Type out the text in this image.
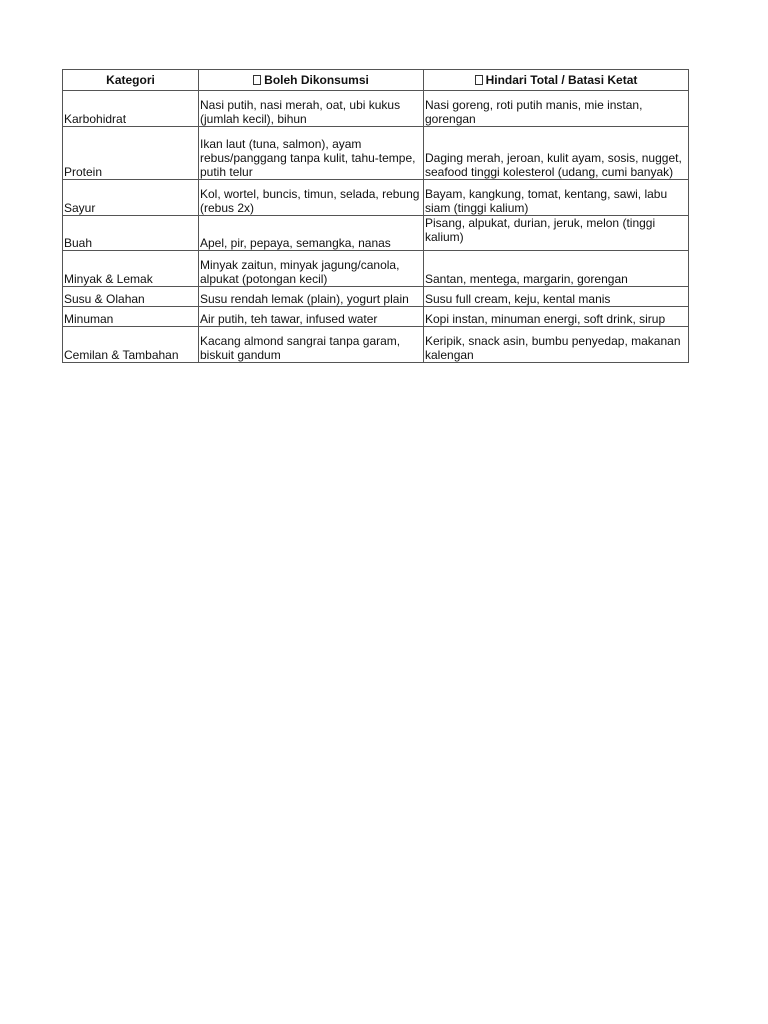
Kategori	Boleh Dikonsumsi	Hindari Total / Batasi Ketat
Karbohidrat	Nasi putih, nasi merah, oat, ubi kukus (jumlah kecil), bihun	Nasi goreng, roti putih manis, mie instan, gorengan
Protein	Ikan laut (tuna, salmon), ayam rebus/panggang tanpa kulit, tahu-tempe, putih telur	Daging merah, jeroan, kulit ayam, sosis, nugget, seafood tinggi kolesterol (udang, cumi banyak)
Sayur	Kol, wortel, buncis, timun, selada, rebung (rebus 2x)	Bayam, kangkung, tomat, kentang, sawi, labu siam (tinggi kalium)
Buah	Apel, pir, pepaya, semangka, nanas	Pisang, alpukat, durian, jeruk, melon (tinggi kalium)
Minyak & Lemak	Minyak zaitun, minyak jagung/canola, alpukat (potongan kecil)	Santan, mentega, margarin, gorengan
Susu & Olahan	Susu rendah lemak (plain), yogurt plain	Susu full cream, keju, kental manis
Minuman	Air putih, teh tawar, infused water	Kopi instan, minuman energi, soft drink, sirup
Cemilan & Tambahan	Kacang almond sangrai tanpa garam, biskuit gandum	Keripik, snack asin, bumbu penyedap, makanan kalengan
